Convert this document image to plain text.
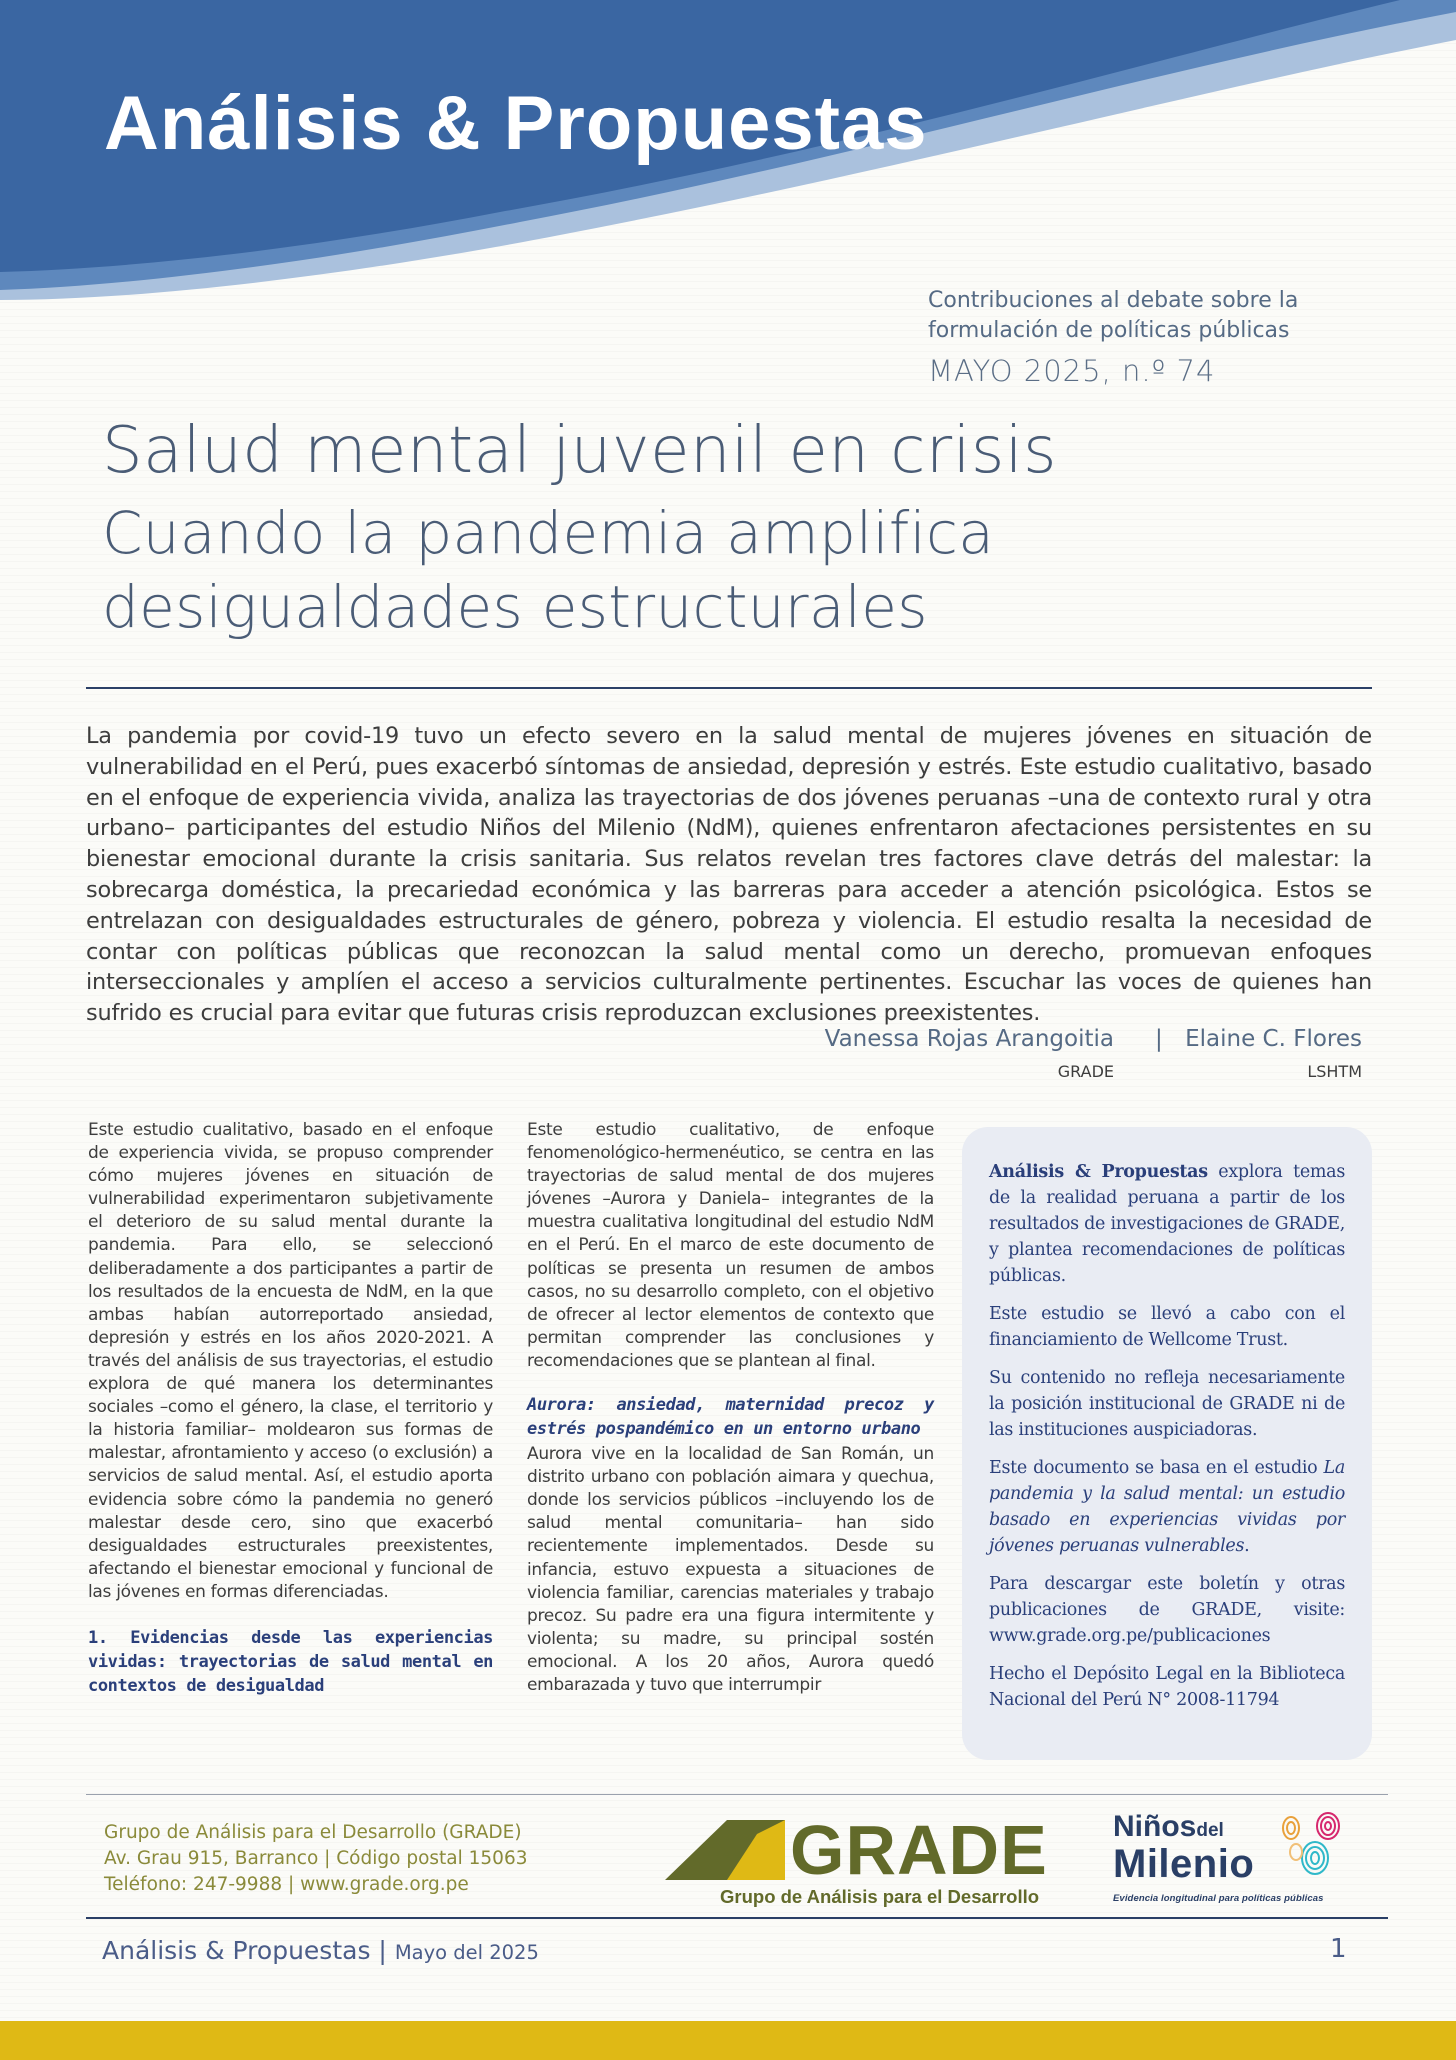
Análisis & Propuestas
Contribuciones al debate sobre la
formulación de políticas públicas
MAYO 2025, n.º 74
Salud mental juvenil en crisis
Cuando la pandemia amplifica
desigualdades estructurales
La pandemia por covid-19 tuvo un efecto severo en la salud mental de mujeres jóvenes en situación de vulnerabilidad en el Perú, pues exacerbó síntomas de ansiedad, depresión y estrés. Este estudio cualitativo, basado en el enfoque de experiencia vivida, analiza las trayectorias de dos jóvenes peruanas –una de contexto rural y otra urbano– participantes del estudio Niños del Milenio (NdM), quienes enfrentaron afectaciones persistentes en su bienestar emocional durante la crisis sanitaria. Sus relatos revelan tres factores clave detrás del malestar: la sobrecarga doméstica, la precariedad económica y las barreras para acceder a atención psicológica. Estos se entrelazan con desigualdades estructurales de género, pobreza y violencia. El estudio resalta la necesidad de contar con políticas públicas que reconozcan la salud mental como un derecho, promuevan enfoques interseccionales y amplíen el acceso a servicios culturalmente pertinentes. Escuchar las voces de quienes han sufrido es crucial para evitar que futuras crisis reproduzcan exclusiones preexistentes.
Vanessa Rojas Arangoitia
GRADE
| Elaine C. Flores
LSHTM

Este estudio cualitativo, basado en el enfoque de experiencia vivida, se propuso comprender cómo mujeres jóvenes en situación de vulnerabilidad experimentaron subjetivamente el deterioro de su salud mental durante la pandemia. Para ello, se seleccionó deliberadamente a dos participantes a partir de los resultados de la encuesta de NdM, en la que ambas habían autorreportado ansiedad, depresión y estrés en los años 2020-2021. A través del análisis de sus trayectorias, el estudio explora de qué manera los determinantes sociales –como el género, la clase, el territorio y la historia familiar– moldearon sus formas de malestar, afrontamiento y acceso (o exclusión) a servicios de salud mental. Así, el estudio aporta evidencia sobre cómo la pandemia no generó malestar desde cero, sino que exacerbó desigualdades estructurales preexistentes, afectando el bienestar emocional y funcional de las jóvenes en formas diferenciadas.

1. Evidencias desde las experiencias vividas: trayectorias de salud mental en contextos de desigualdad

Este estudio cualitativo, de enfoque fenomenológico-hermenéutico, se centra en las trayectorias de salud mental de dos mujeres jóvenes –Aurora y Daniela– integrantes de la muestra cualitativa longitudinal del estudio NdM en el Perú. En el marco de este documento de políticas se presenta un resumen de ambos casos, no su desarrollo completo, con el objetivo de ofrecer al lector elementos de contexto que permitan comprender las conclusiones y recomendaciones que se plantean al final.

Aurora: ansiedad, maternidad precoz y estrés pospandémico en un entorno urbano

Aurora vive en la localidad de San Román, un distrito urbano con población aimara y quechua, donde los servicios públicos –incluyendo los de salud mental comunitaria– han sido recientemente implementados. Desde su infancia, estuvo expuesta a situaciones de violencia familiar, carencias materiales y trabajo precoz. Su padre era una figura intermitente y violenta; su madre, su principal sostén emocional. A los 20 años, Aurora quedó embarazada y tuvo que interrumpir

Análisis & Propuestas explora temas de la realidad peruana a partir de los resultados de investigaciones de GRADE, y plantea recomendaciones de políticas públicas.

Este estudio se llevó a cabo con el financiamiento de Wellcome Trust.

Su contenido no refleja necesariamente la posición institucional de GRADE ni de las instituciones auspiciadoras.

Este documento se basa en el estudio La pandemia y la salud mental: un estudio basado en experiencias vividas por jóvenes peruanas vulnerables.

Para descargar este boletín y otras publicaciones de GRADE, visite: www.grade.org.pe/publicaciones

Hecho el Depósito Legal en la Biblioteca Nacional del Perú N° 2008-11794

Grupo de Análisis para el Desarrollo (GRADE)
Av. Grau 915, Barranco | Código postal 15063
Teléfono: 247-9988 | www.grade.org.pe	GRADE
Grupo de Análisis para el Desarrollo
Niñosdel
Milenio
Evidencia longitudinal para políticas públicas
Análisis & Propuestas | Mayo del 2025	1
